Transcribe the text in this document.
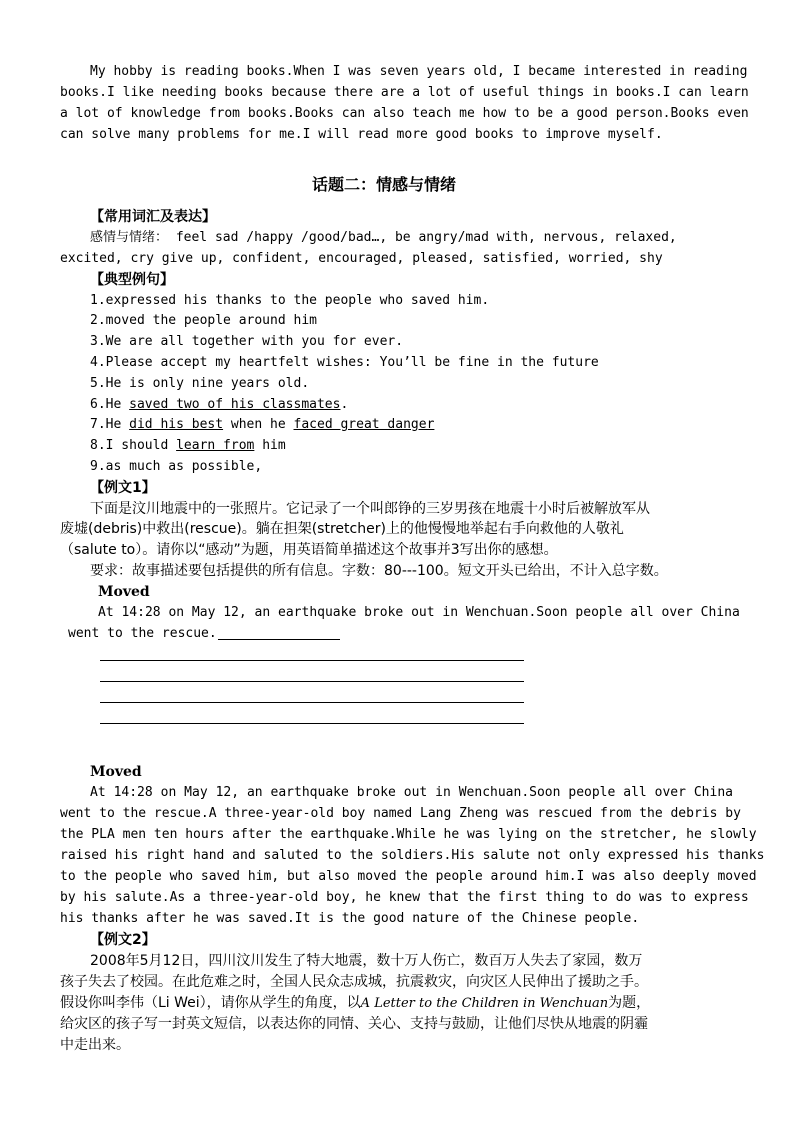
My hobby is reading books.When I was seven years old, I became interested in reading
books.I like needing books because there are a lot of useful things in books.I can learn
a lot of knowledge from books.Books can also teach me how to be a good person.Books even
can solve many problems for me.I will read more good books to improve myself.
话题二：情感与情绪
【常用词汇及表达】
感情与情绪： feel sad /happy /good/bad…, be angry/mad with, nervous, relaxed,
excited, cry give up, confident, encouraged, pleased, satisfied, worried, shy
【典型例句】
1.expressed his thanks to the people who saved him.
2.moved the people around him
3.We are all together with you for ever.
4.Please accept my heartfelt wishes: You’ll be fine in the future
5.He is only nine years old.
6.He saved two of his classmates.
7.He did his best when he faced great danger
8.I should learn from him
9.as much as possible,
【例文1】
下面是汶川地震中的一张照片。它记录了一个叫郎铮的三岁男孩在地震十小时后被解放军从
废墟(debris)中救出(rescue)。躺在担架(stretcher)上的他慢慢地举起右手向救他的人敬礼
（salute to）。请你以“感动”为题，用英语简单描述这个故事并3写出你的感想。
要求：故事描述要包括提供的所有信息。字数：80---100。短文开头已给出，不计入总字数。
Moved
At 14:28 on May 12, an earthquake broke out in Wenchuan.Soon people all over China
went to the rescue.
Moved
At 14:28 on May 12, an earthquake broke out in Wenchuan.Soon people all over China
went to the rescue.A three-year-old boy named Lang Zheng was rescued from the debris by
the PLA men ten hours after the earthquake.While he was lying on the stretcher, he slowly
raised his right hand and saluted to the soldiers.His salute not only expressed his thanks
to the people who saved him, but also moved the people around him.I was also deeply moved
by his salute.As a three-year-old boy, he knew that the first thing to do was to express
his thanks after he was saved.It is the good nature of the Chinese people.
【例文2】
2008年5月12日，四川汶川发生了特大地震，数十万人伤亡，数百万人失去了家园，数万
孩子失去了校园。在此危难之时，全国人民众志成城，抗震救灾，向灾区人民伸出了援助之手。
假设你叫李伟（Li Wei），请你从学生的角度，以A Letter to the Children in Wenchuan为题，
给灾区的孩子写一封英文短信，以表达你的同情、关心、支持与鼓励，让他们尽快从地震的阴霾
中走出来。
